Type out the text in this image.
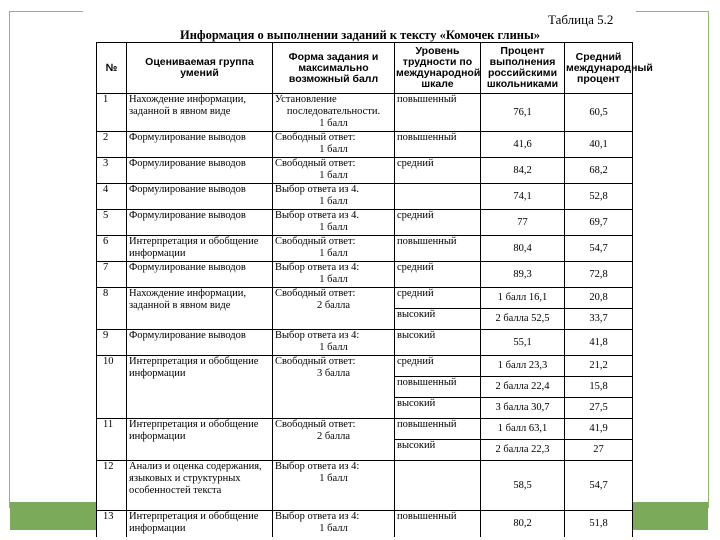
Таблица 5.2
Информация о выполнении заданий к тексту «Комочек глины»
№	Оцениваемая группа умений	Форма задания и максимально возможный балл	Уровень трудности по международной шкале	Процент выполнения российскими школьниками	Средний международный процент
1	Нахождение информации, заданной в явном виде	Установление
последовательности.
1 балл	повышенный	76,1	60,5
2	Формулирование выводов	Свободный ответ:
1 балл	повышенный	41,6	40,1
3	Формулирование выводов	Свободный ответ:
1 балл	средний	84,2	68,2
4	Формулирование выводов	Выбор ответа из 4.
1 балл		74,1	52,8
5	Формулирование выводов	Выбор ответа из 4.
1 балл	средний	77	69,7
6	Интерпретация и обобщение информации	Свободный ответ:
1 балл	повышенный	80,4	54,7
7	Формулирование выводов	Выбор ответа из 4:
1 балл	средний	89,3	72,8
8	Нахождение информации, заданной в явном виде	Свободный ответ:
2 балла	средний	1 балл 16,1	20,8
			высокий	2 балла 52,5	33,7
9	Формулирование выводов	Выбор ответа из 4:
1 балл	высокий	55,1	41,8
10	Интерпретация и обобщение информации	Свободный ответ:
3 балла	средний	1 балл 23,3	21,2
			повышенный	2 балла 22,4	15,8
			высокий	3 балла 30,7	27,5
11	Интерпретация и обобщение информации	Свободный ответ:
2 балла	повышенный	1 балл 63,1	41,9
			высокий	2 балла 22,3	27
12	Анализ и оценка содержания, языковых и структурных особенностей текста	Выбор ответа из 4:
1 балл		58,5	54,7
13	Интерпретация и обобщение информации	Выбор ответа из 4:
1 балл	повышенный	80,2	51,8
